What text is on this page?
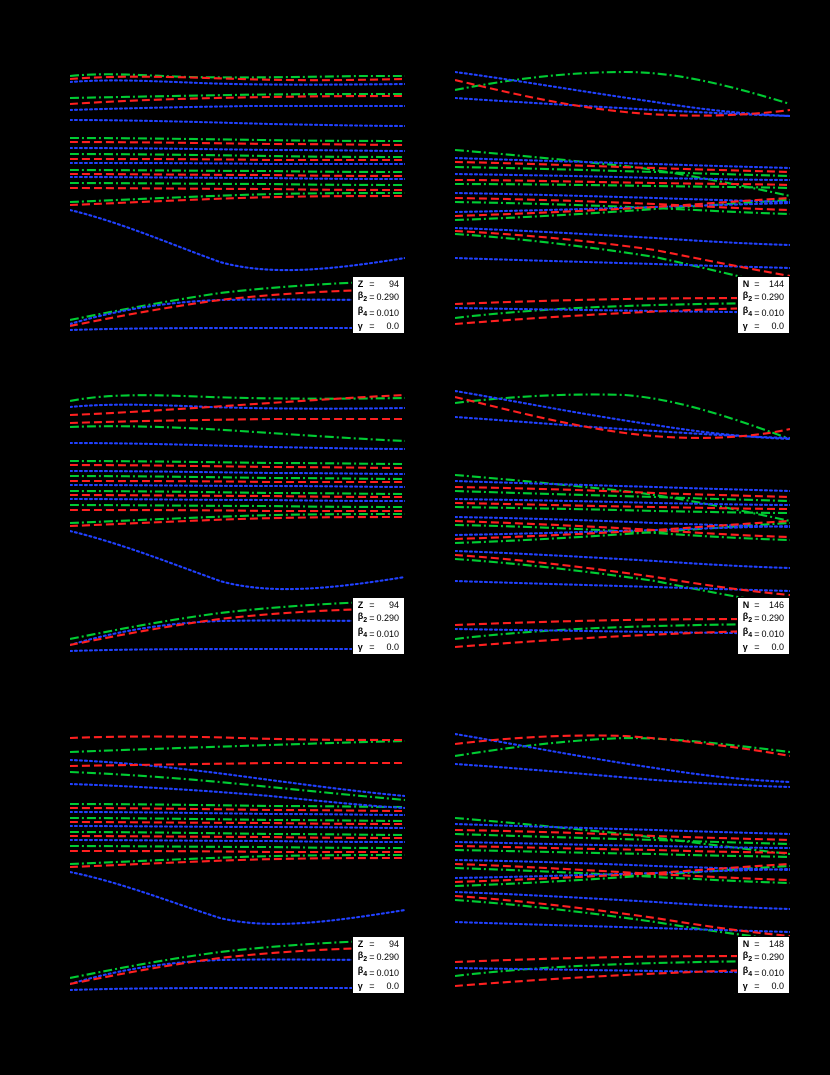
Z	=	94
$\beta_2$	=	0.290
$\beta_4$	=	0.010
γ	=	0.0
N	=	144
$\beta_2$	=	0.290
$\beta_4$	=	0.010
γ	=	0.0
Z	=	94
$\beta_2$	=	0.290
$\beta_4$	=	0.010
γ	=	0.0
N	=	146
$\beta_2$	=	0.290
$\beta_4$	=	0.010
γ	=	0.0
Z	=	94
$\beta_2$	=	0.290
$\beta_4$	=	0.010
γ	=	0.0
N	=	148
$\beta_2$	=	0.290
$\beta_4$	=	0.010
γ	=	0.0
